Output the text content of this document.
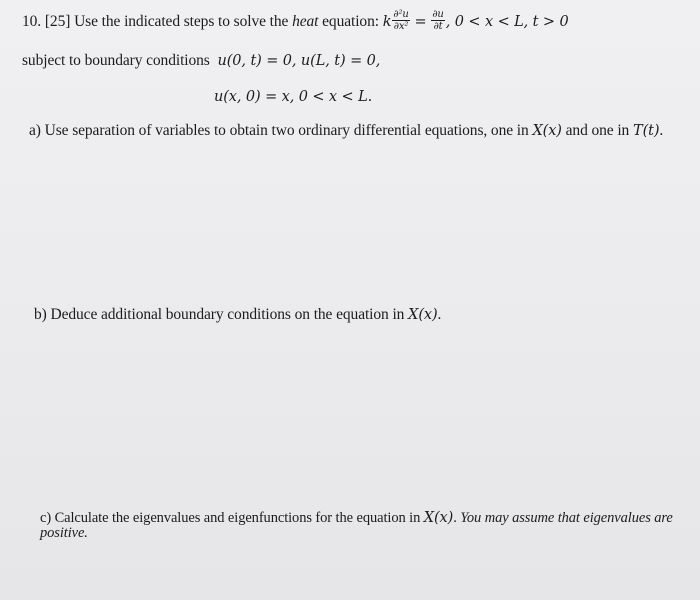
10. [25] Use the indicated steps to solve the heat equation: k $\frac{\text{∂²u}}{\text{∂x²}} = \frac{\partial u}{\partial t}$ , 0 < x < L, t > 0
subject to boundary conditions u(0, t) = 0, u(L, t) = 0,
u(x, 0) = x, 0 < x < L.
a) Use separation of variables to obtain two ordinary differential equations, one in X(x) and one in T(t).
b) Deduce additional boundary conditions on the equation in X(x).
c) Calculate the eigenvalues and eigenfunctions for the equation in X(x). You may assume that eigenvalues are
positive.
